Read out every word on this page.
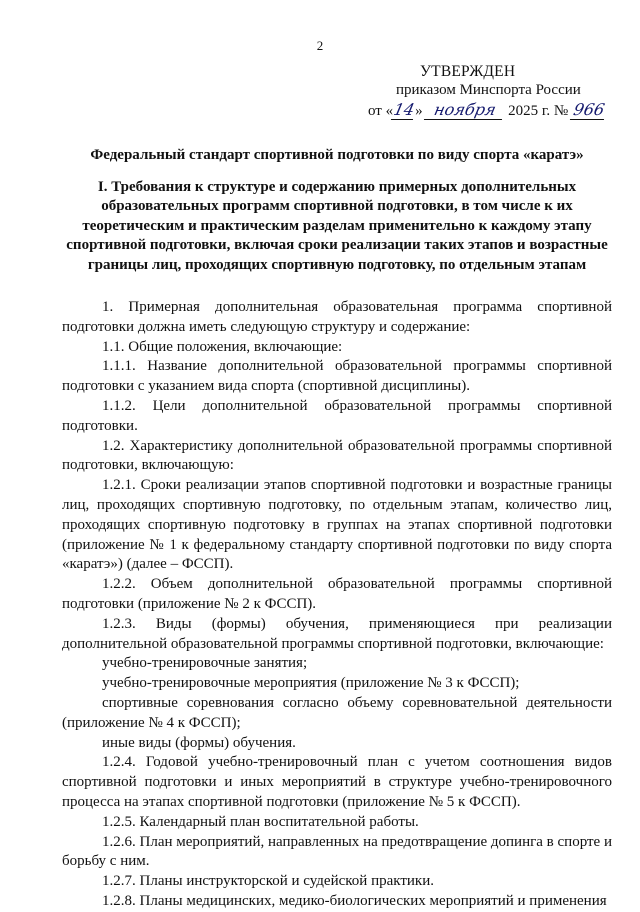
2
УТВЕРЖДЕН
приказом Минспорта России
от «14» ноября 2025 г. № 966
Федеральный стандарт спортивной подготовки по виду спорта «каратэ»
I. Требования к структуре и содержанию примерных дополнительных образовательных программ спортивной подготовки, в том числе к их теоретическим и практическим разделам применительно к каждому этапу спортивной подготовки, включая сроки реализации таких этапов и возрастные границы лиц, проходящих спортивную подготовку, по отдельным этапам

1. Примерная дополнительная образовательная программа спортивной подготовки должна иметь следующую структуру и содержание:

1.1. Общие положения, включающие:

1.1.1. Название дополнительной образовательной программы спортивной подготовки с указанием вида спорта (спортивной дисциплины).

1.1.2. Цели дополнительной образовательной программы спортивной подготовки.

1.2. Характеристику дополнительной образовательной программы спортивной подготовки, включающую:

1.2.1. Сроки реализации этапов спортивной подготовки и возрастные границы лиц, проходящих спортивную подготовку, по отдельным этапам, количество лиц, проходящих спортивную подготовку в группах на этапах спортивной подготовки (приложение № 1 к федеральному стандарту спортивной подготовки по виду спорта «каратэ») (далее – ФССП).

1.2.2. Объем дополнительной образовательной программы спортивной подготовки (приложение № 2 к ФССП).

1.2.3. Виды (формы) обучения, применяющиеся при реализации дополнительной образовательной программы спортивной подготовки, включающие:

учебно-тренировочные занятия;

учебно-тренировочные мероприятия (приложение № 3 к ФССП);

спортивные соревнования согласно объему соревновательной деятельности (приложение № 4 к ФССП);

иные виды (формы) обучения.

1.2.4. Годовой учебно-тренировочный план с учетом соотношения видов спортивной подготовки и иных мероприятий в структуре учебно-тренировочного процесса на этапах спортивной подготовки (приложение № 5 к ФССП).

1.2.5. Календарный план воспитательной работы.

1.2.6. План мероприятий, направленных на предотвращение допинга в спорте и борьбу с ним.

1.2.7. Планы инструкторской и судейской практики.

1.2.8. Планы медицинских, медико-биологических мероприятий и применения
